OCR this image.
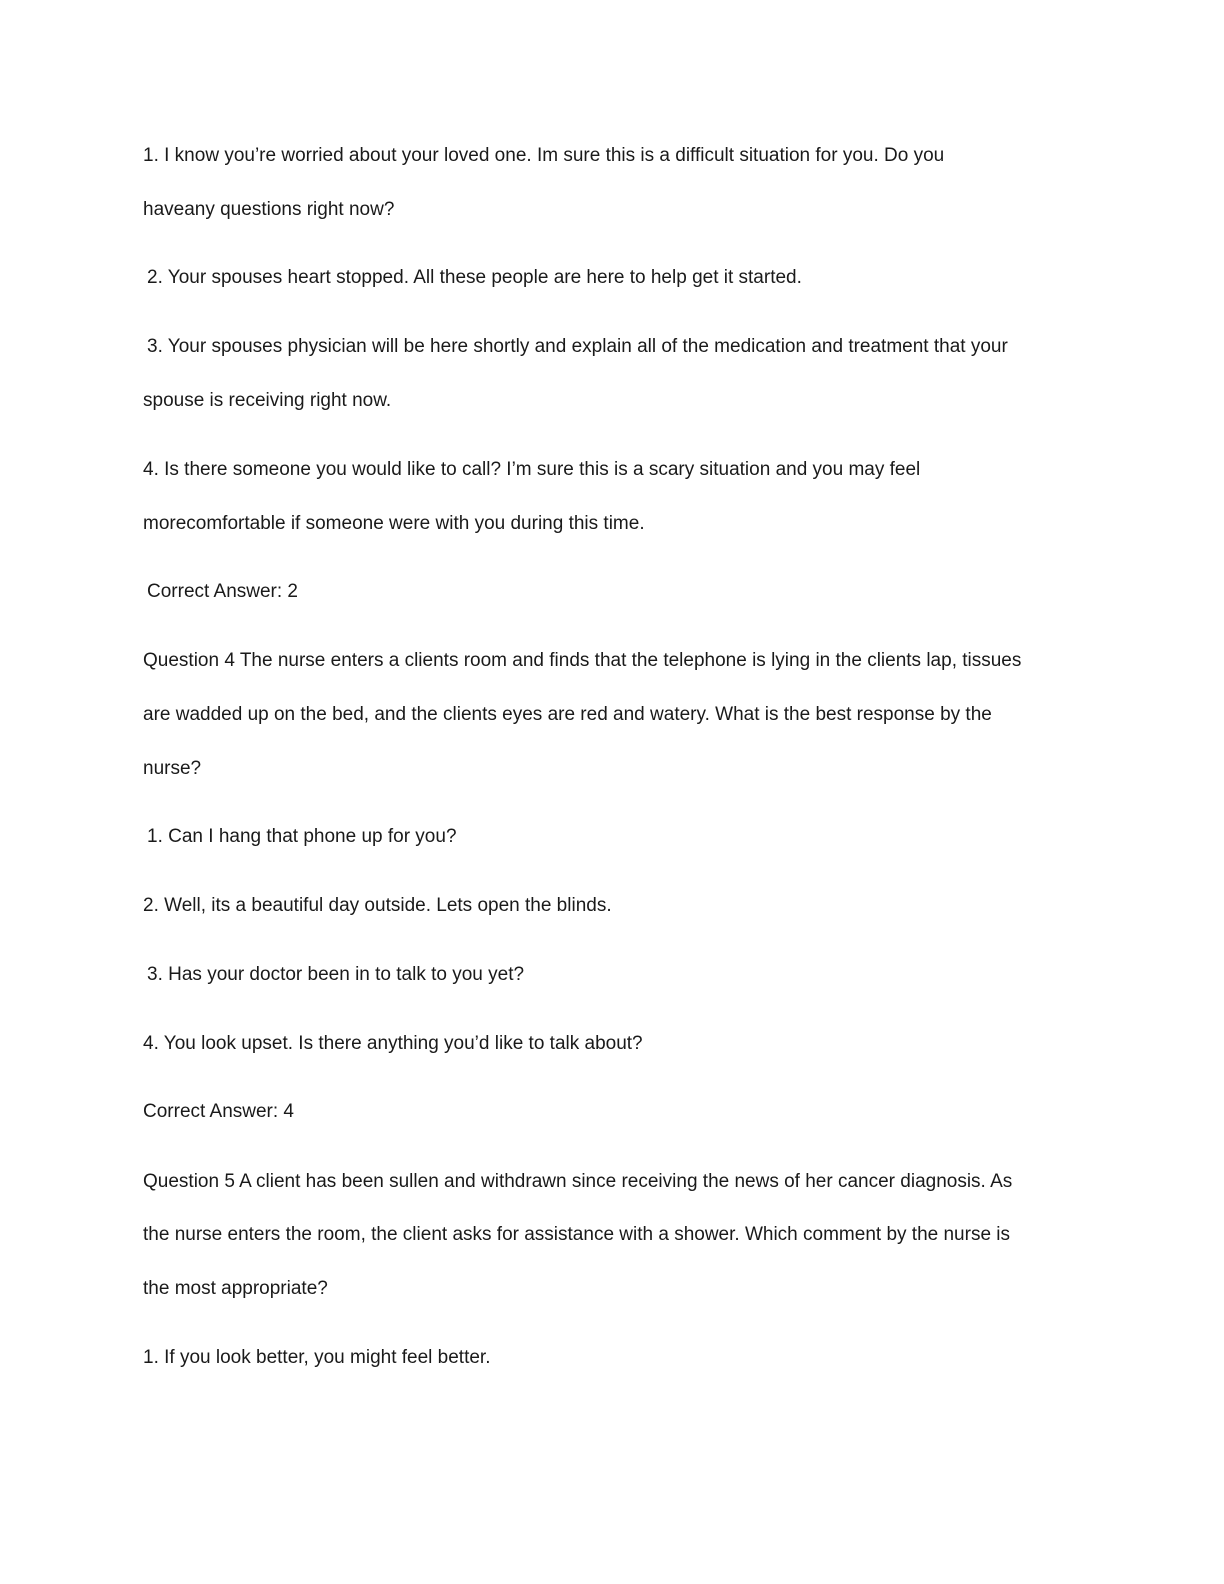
1. I know you’re worried about your loved one. Im sure this is a difficult situation for you. Do you
haveany questions right now?
2. Your spouses heart stopped. All these people are here to help get it started.
3. Your spouses physician will be here shortly and explain all of the medication and treatment that your
spouse is receiving right now.
4. Is there someone you would like to call? I’m sure this is a scary situation and you may feel
morecomfortable if someone were with you during this time.
Correct Answer: 2
Question 4 The nurse enters a clients room and finds that the telephone is lying in the clients lap, tissues
are wadded up on the bed, and the clients eyes are red and watery. What is the best response by the
nurse?
1. Can I hang that phone up for you?
2. Well, its a beautiful day outside. Lets open the blinds.
3. Has your doctor been in to talk to you yet?
4. You look upset. Is there anything you’d like to talk about?
Correct Answer: 4
Question 5 A client has been sullen and withdrawn since receiving the news of her cancer diagnosis. As
the nurse enters the room, the client asks for assistance with a shower. Which comment by the nurse is
the most appropriate?
1. If you look better, you might feel better.
